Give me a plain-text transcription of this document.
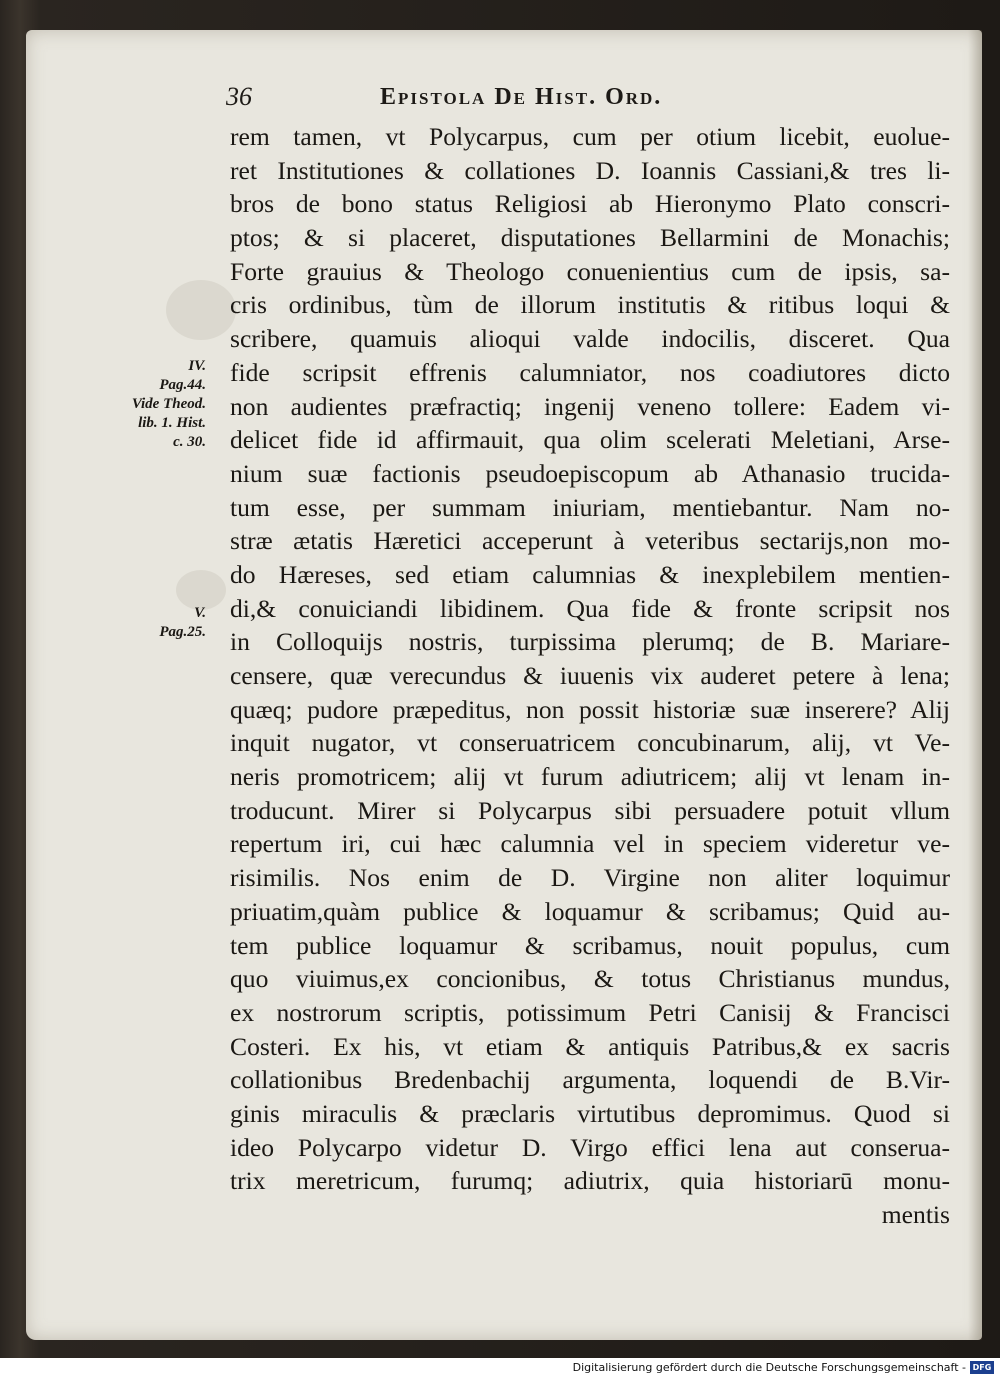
36	Epistola De Hist. Ord.
IV.
Pag.44.
Vide Theod.
lib. 1. Hist.
c. 30.
V.
Pag.25.
rem tamen, vt Polycarpus, cum per otium licebit, euolue-
ret Institutiones & collationes D. Ioannis Cassiani,& tres li-
bros de bono status Religiosi ab Hieronymo Plato conscri-
ptos; & si placeret, disputationes Bellarmini de Monachis;
Forte grauius & Theologo conuenientius cum de ipsis, sa-
cris ordinibus, tùm de illorum institutis & ritibus loqui &
scribere, quamuis alioqui valde indocilis, disceret. Qua
fide scripsit effrenis calumniator, nos coadiutores dicto
non audientes præfractiq; ingenij veneno tollere: Eadem vi-
delicet fide id affirmauit, qua olim scelerati Meletiani, Arse-
nium suæ factionis pseudoepiscopum ab Athanasio trucida-
tum esse, per summam iniuriam, mentiebantur. Nam no-
stræ ætatis Hæretici acceperunt à veteribus sectarijs,non mo-
do Hæreses, sed etiam calumnias & inexplebilem mentien-
di,& conuiciandi libidinem. Qua fide & fronte scripsit nos
in Colloquijs nostris, turpissima plerumq; de B. Mariare-
censere, quæ verecundus & iuuenis vix auderet petere à lena;
quæq; pudore præpeditus, non possit historiæ suæ inserere? Alij
inquit nugator, vt conseruatricem concubinarum, alij, vt Ve-
neris promotricem; alij vt furum adiutricem; alij vt lenam in-
troducunt. Mirer si Polycarpus sibi persuadere potuit vllum
repertum iri, cui hæc calumnia vel in speciem videretur ve-
risimilis. Nos enim de D. Virgine non aliter loquimur
priuatim,quàm publice & loquamur & scribamus; Quid au-
tem publice loquamur & scribamus, nouit populus, cum
quo viuimus,ex concionibus, & totus Christianus mundus,
ex nostrorum scriptis, potissimum Petri Canisij & Francisci
Costeri. Ex his, vt etiam & antiquis Patribus,& ex sacris
collationibus Bredenbachij argumenta, loquendi de B.Vir-
ginis miraculis & præclaris virtutibus depromimus. Quod si
ideo Polycarpo videtur D. Virgo effici lena aut conserua-
trix meretricum, furumq; adiutrix, quia historiarū monu-
mentis
Digitalisierung gefördert durch die Deutsche Forschungsgemeinschaft - DFG
